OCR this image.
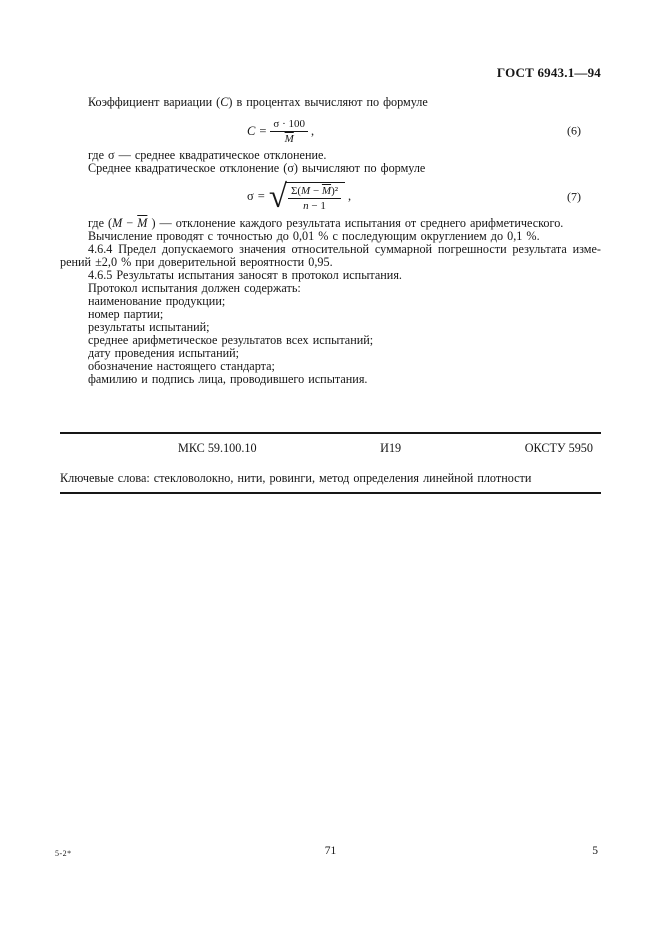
ГОСТ 6943.1—94
Коэффициент вариации (C) в процентах вычисляют по формуле
$C = \frac{\sigma \cdot 100}{M}$ ,	(6)
где σ — среднее квадратическое отклонение.
Среднее квадратическое отклонение (σ) вычисляют по формуле
σ = √ $\frac{\Sigma(M - \overline{M})^2}{n - 1}$ ,	(7)
где ($M - \overline{M}$ ) — отклонение каждого результата испытания от среднего арифметического.
Вычисление проводят с точностью до 0,01 % с последующим округлением до 0,1 %.
4.6.4 Предел допускаемого значения относительной суммарной погрешности результата изме-
рений ±2,0 % при доверительной вероятности 0,95.
4.6.5 Результаты испытания заносят в протокол испытания.
Протокол испытания должен содержать:
наименование продукции;
номер партии;
результаты испытаний;
среднее арифметическое результатов всех испытаний;
дату проведения испытаний;
обозначение настоящего стандарта;
фамилию и подпись лица, проводившего испытания.
МКС 59.100.10	И19	ОКСТУ 5950
Ключевые слова: стекловолокно, нити, ровинги, метод определения линейной плотности
5-2*	71	5
